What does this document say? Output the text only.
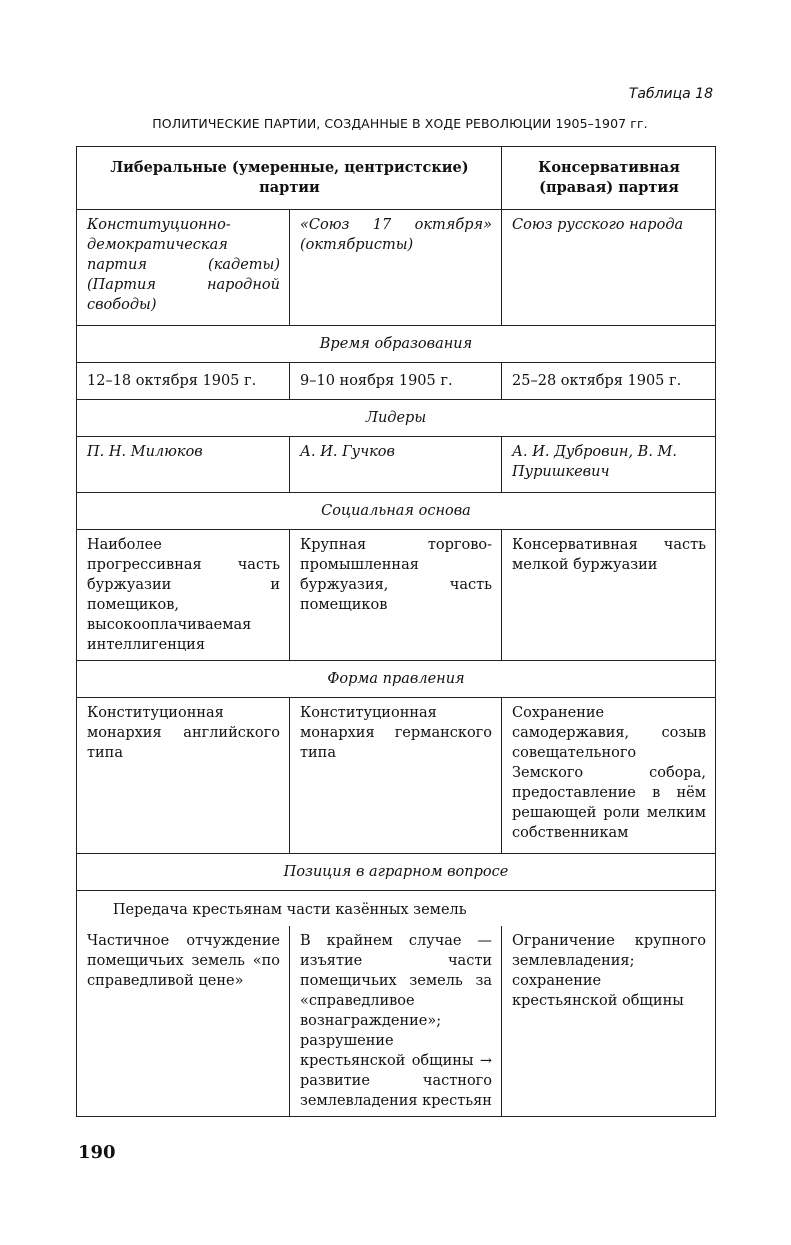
Таблица 18
ПОЛИТИЧЕСКИЕ ПАРТИИ, СОЗДАННЫЕ В ХОДЕ РЕВОЛЮЦИИ 1905–1907 гг.
Либеральные (умеренные, центристские) партии		Консервативная (правая) партия
Конституционно-демократическая партия (кадеты) (Партия народной свободы)	«Союз 17 октября» (октябристы)	Союз русского народа
Время образования		
12–18 октября 1905 г.	9–10 ноября 1905 г.	25–28 октября 1905 г.
Лидеры		
П. Н. Милюков	А. И. Гучков	А. И. Дубровин, В. М. Пуришкевич
Социальная основа		
Наиболее прогрессивная часть буржуазии и помещиков, высокооплачиваемая интеллигенция	Крупная торгово-промышленная буржуазия, часть помещиков	Консервативная часть мелкой буржуазии
Форма правления		
Конституционная монархия английского типа	Конституционная монархия германского типа	Сохранение самодержавия, созыв совещательного Земского собора, предоставление в нём решающей роли мелким собственникам
Позиция в аграрном вопросе		
Передача крестьянам части казённых земель		
Частичное отчуждение помещичьих земель «по справедливой цене»	В крайнем случае — изъятие части помещичьих земель за «справедливое вознаграждение»; разрушение крестьянской общины → развитие частного землевладения крестьян	Ограничение крупного землевладения; сохранение крестьянской общины
190
